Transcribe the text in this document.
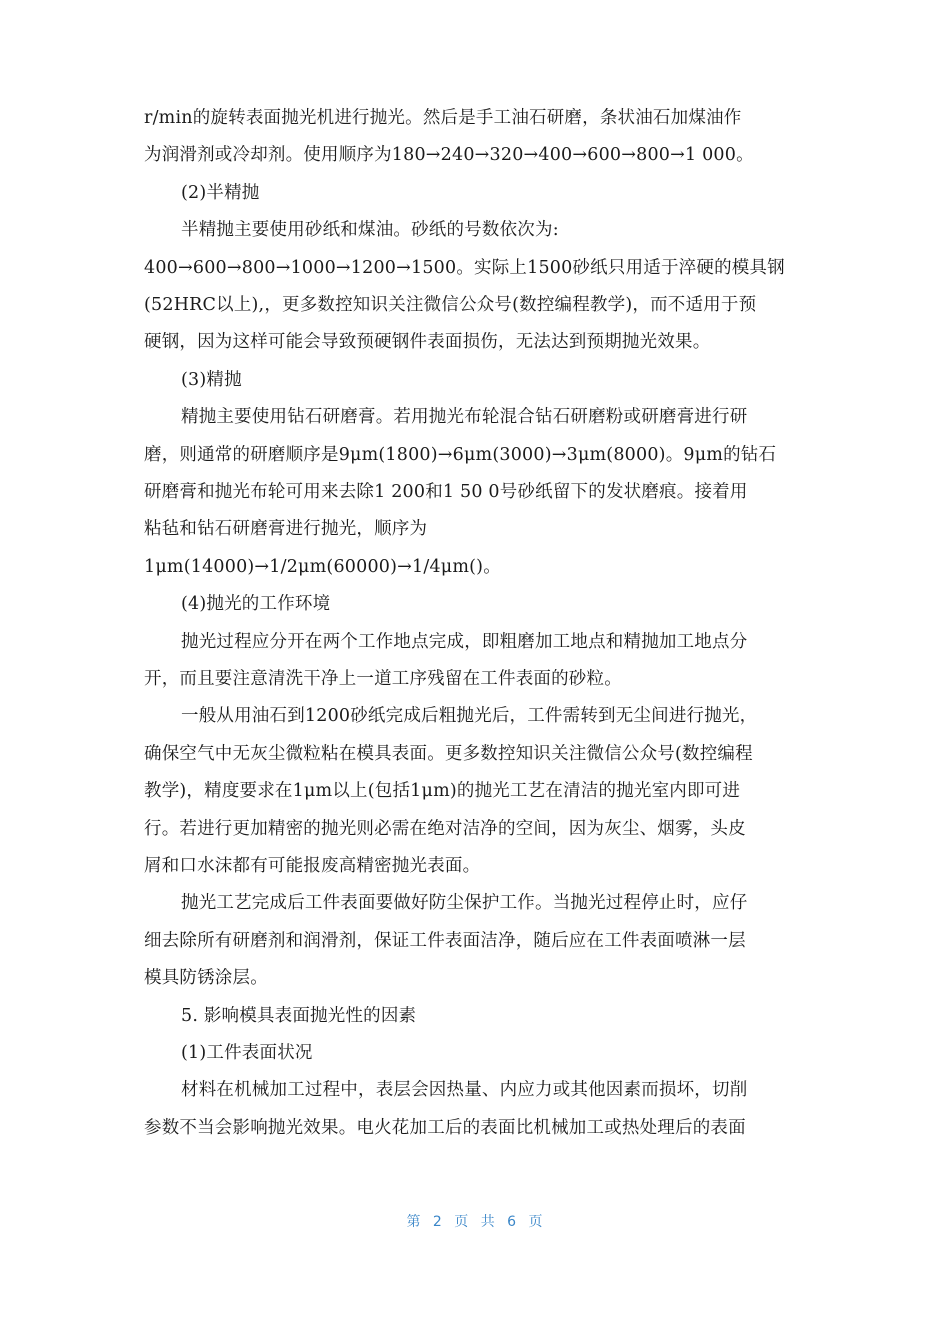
r/min的旋转表面抛光机进行抛光。然后是手工油石研磨，条状油石加煤油作
为润滑剂或冷却剂。使用顺序为180→240→320→400→600→800→1 000。
(2)半精抛
半精抛主要使用砂纸和煤油。砂纸的号数依次为:
400→600→800→1000→1200→1500。实际上1500砂纸只用适于淬硬的模具钢
(52HRC以上),，更多数控知识关注微信公众号(数控编程教学)，而不适用于预
硬钢，因为这样可能会导致预硬钢件表面损伤，无法达到预期抛光效果。
(3)精抛
精抛主要使用钻石研磨膏。若用抛光布轮混合钻石研磨粉或研磨膏进行研
磨，则通常的研磨顺序是9μm(1800)→6μm(3000)→3μm(8000)。9μm的钻石
研磨膏和抛光布轮可用来去除1 200和1 50 0号砂纸留下的发状磨痕。接着用
粘毡和钻石研磨膏进行抛光，顺序为
1μm(14000)→1/2μm(60000)→1/4μm()。
(4)抛光的工作环境
抛光过程应分开在两个工作地点完成，即粗磨加工地点和精抛加工地点分
开，而且要注意清洗干净上一道工序残留在工件表面的砂粒。
一般从用油石到1200砂纸完成后粗抛光后，工件需转到无尘间进行抛光，
确保空气中无灰尘微粒粘在模具表面。更多数控知识关注微信公众号(数控编程
教学)，精度要求在1μm以上(包括1μm)的抛光工艺在清洁的抛光室内即可进
行。若进行更加精密的抛光则必需在绝对洁净的空间，因为灰尘、烟雾，头皮
屑和口水沫都有可能报废高精密抛光表面。
抛光工艺完成后工件表面要做好防尘保护工作。当抛光过程停止时，应仔
细去除所有研磨剂和润滑剂，保证工件表面洁净，随后应在工件表面喷淋一层
模具防锈涂层。
5. 影响模具表面抛光性的因素
(1)工件表面状况
材料在机械加工过程中，表层会因热量、内应力或其他因素而损坏，切削
参数不当会影响抛光效果。电火花加工后的表面比机械加工或热处理后的表面
第 2 页 共 6 页
